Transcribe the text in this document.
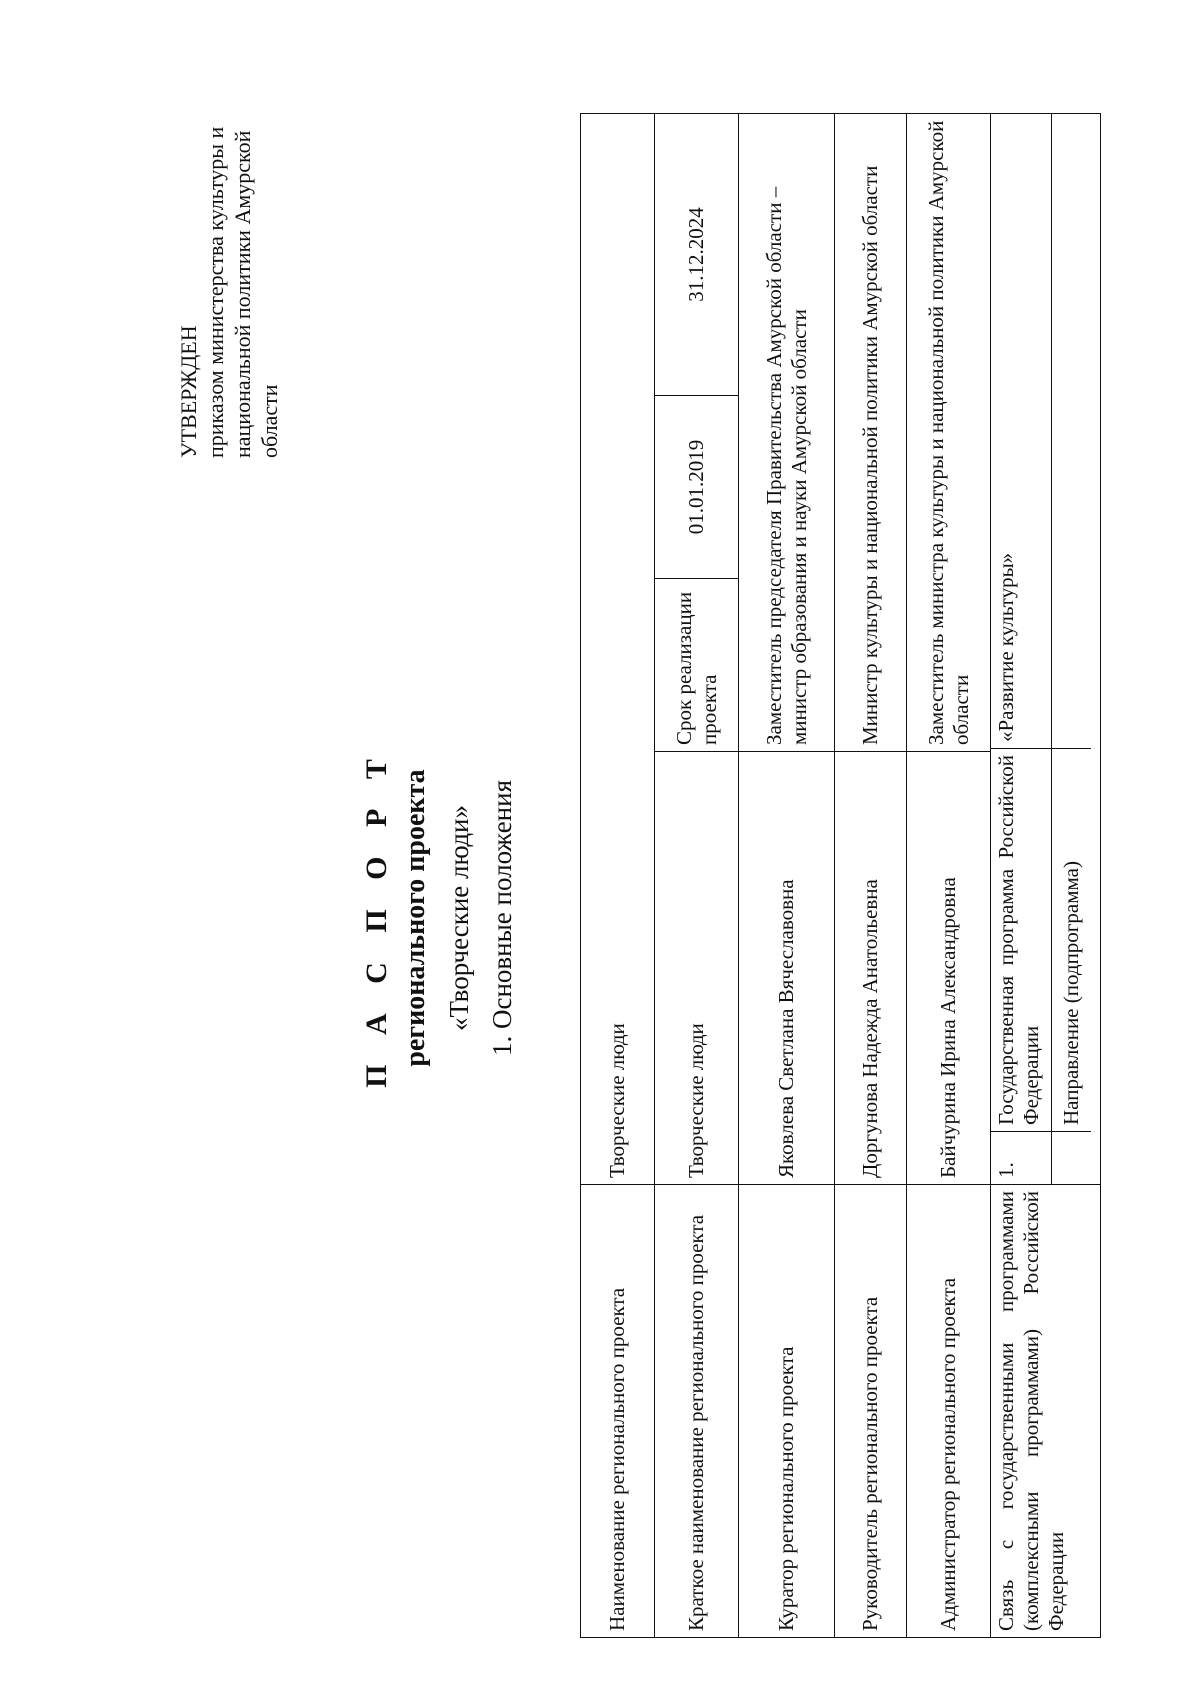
УТВЕРЖДЕН приказом министерства культуры и национальной политики Амурской области
П А С П О Р Т регионального проекта «Творческие люди» 1. Основные положения
Наименование регионального проекта	Творческие люди
Краткое наименование регионального проекта	Творческие люди	Срок реализации проекта	01.01.2019	31.12.2024
Куратор регионального проекта	Яковлева Светлана Вячеславовна	Заместитель председателя Правительства Амурской области – министр образования и науки Амурской области
Руководитель регионального проекта	Доргунова Надежда Анатольевна	Министр культуры и национальной политики Амурской области
Администратор регионального проекта	Байчурина Ирина Александровна	Заместитель министра культуры и национальной политики Амурской области
Связь с государственными программами (комплексными программами) Российской Федерации	
1.	Государственная программа Российской Федерации	«Развитие культуры»
	Направление (подпрограмма)	
